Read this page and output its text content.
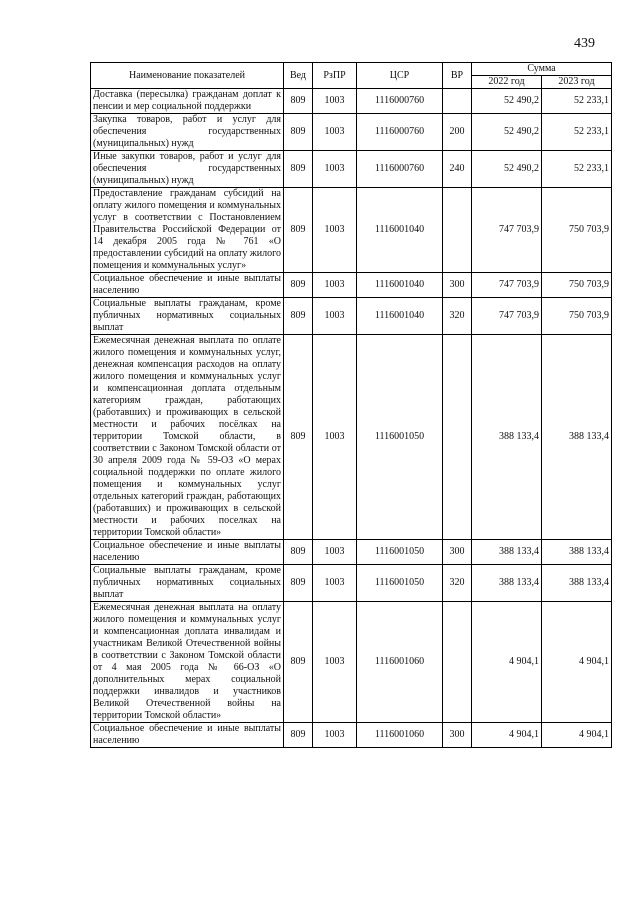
439
Наименование показателей	Вед	РзПР	ЦСР	ВР	Сумма	
					2022 год	2023 год
Доставка (пересылка) гражданам доплат к пенсии и мер социальной поддержки	809	1003	1116000760		52 490,2	52 233,1
Закупка товаров, работ и услуг для обеспечения государственных (муниципальных) нужд	809	1003	1116000760	200	52 490,2	52 233,1
Иные закупки товаров, работ и услуг для обеспечения государственных (муниципальных) нужд	809	1003	1116000760	240	52 490,2	52 233,1
Предоставление гражданам субсидий на оплату жилого помещения и коммунальных услуг в соответствии с Постановлением Правительства Российской Федерации от 14 декабря 2005 года № 761 «О предоставлении субсидий на оплату жилого помещения и коммунальных услуг»	809	1003	1116001040		747 703,9	750 703,9
Социальное обеспечение и иные выплаты населению	809	1003	1116001040	300	747 703,9	750 703,9
Социальные выплаты гражданам, кроме публичных нормативных социальных выплат	809	1003	1116001040	320	747 703,9	750 703,9
Ежемесячная денежная выплата по оплате жилого помещения и коммунальных услуг, денежная компенсация расходов на оплату жилого помещения и коммунальных услуг и компенсационная доплата отдельным категориям граждан, работающих (работавших) и проживающих в сельской местности и рабочих посёлках на территории Томской области, в соответствии с Законом Томской области от 30 апреля 2009 года № 59-ОЗ «О мерах социальной поддержки по оплате жилого помещения и коммунальных услуг отдельных категорий граждан, работающих (работавших) и проживающих в сельской местности и рабочих поселках на территории Томской области»	809	1003	1116001050		388 133,4	388 133,4
Социальное обеспечение и иные выплаты населению	809	1003	1116001050	300	388 133,4	388 133,4
Социальные выплаты гражданам, кроме публичных нормативных социальных выплат	809	1003	1116001050	320	388 133,4	388 133,4
Ежемесячная денежная выплата на оплату жилого помещения и коммунальных услуг и компенсационная доплата инвалидам и участникам Великой Отечественной войны в соответствии с Законом Томской области от 4 мая 2005 года № 66-ОЗ «О дополнительных мерах социальной поддержки инвалидов и участников Великой Отечественной войны на территории Томской области»	809	1003	1116001060		4 904,1	4 904,1
Социальное обеспечение и иные выплаты населению	809	1003	1116001060	300	4 904,1	4 904,1
